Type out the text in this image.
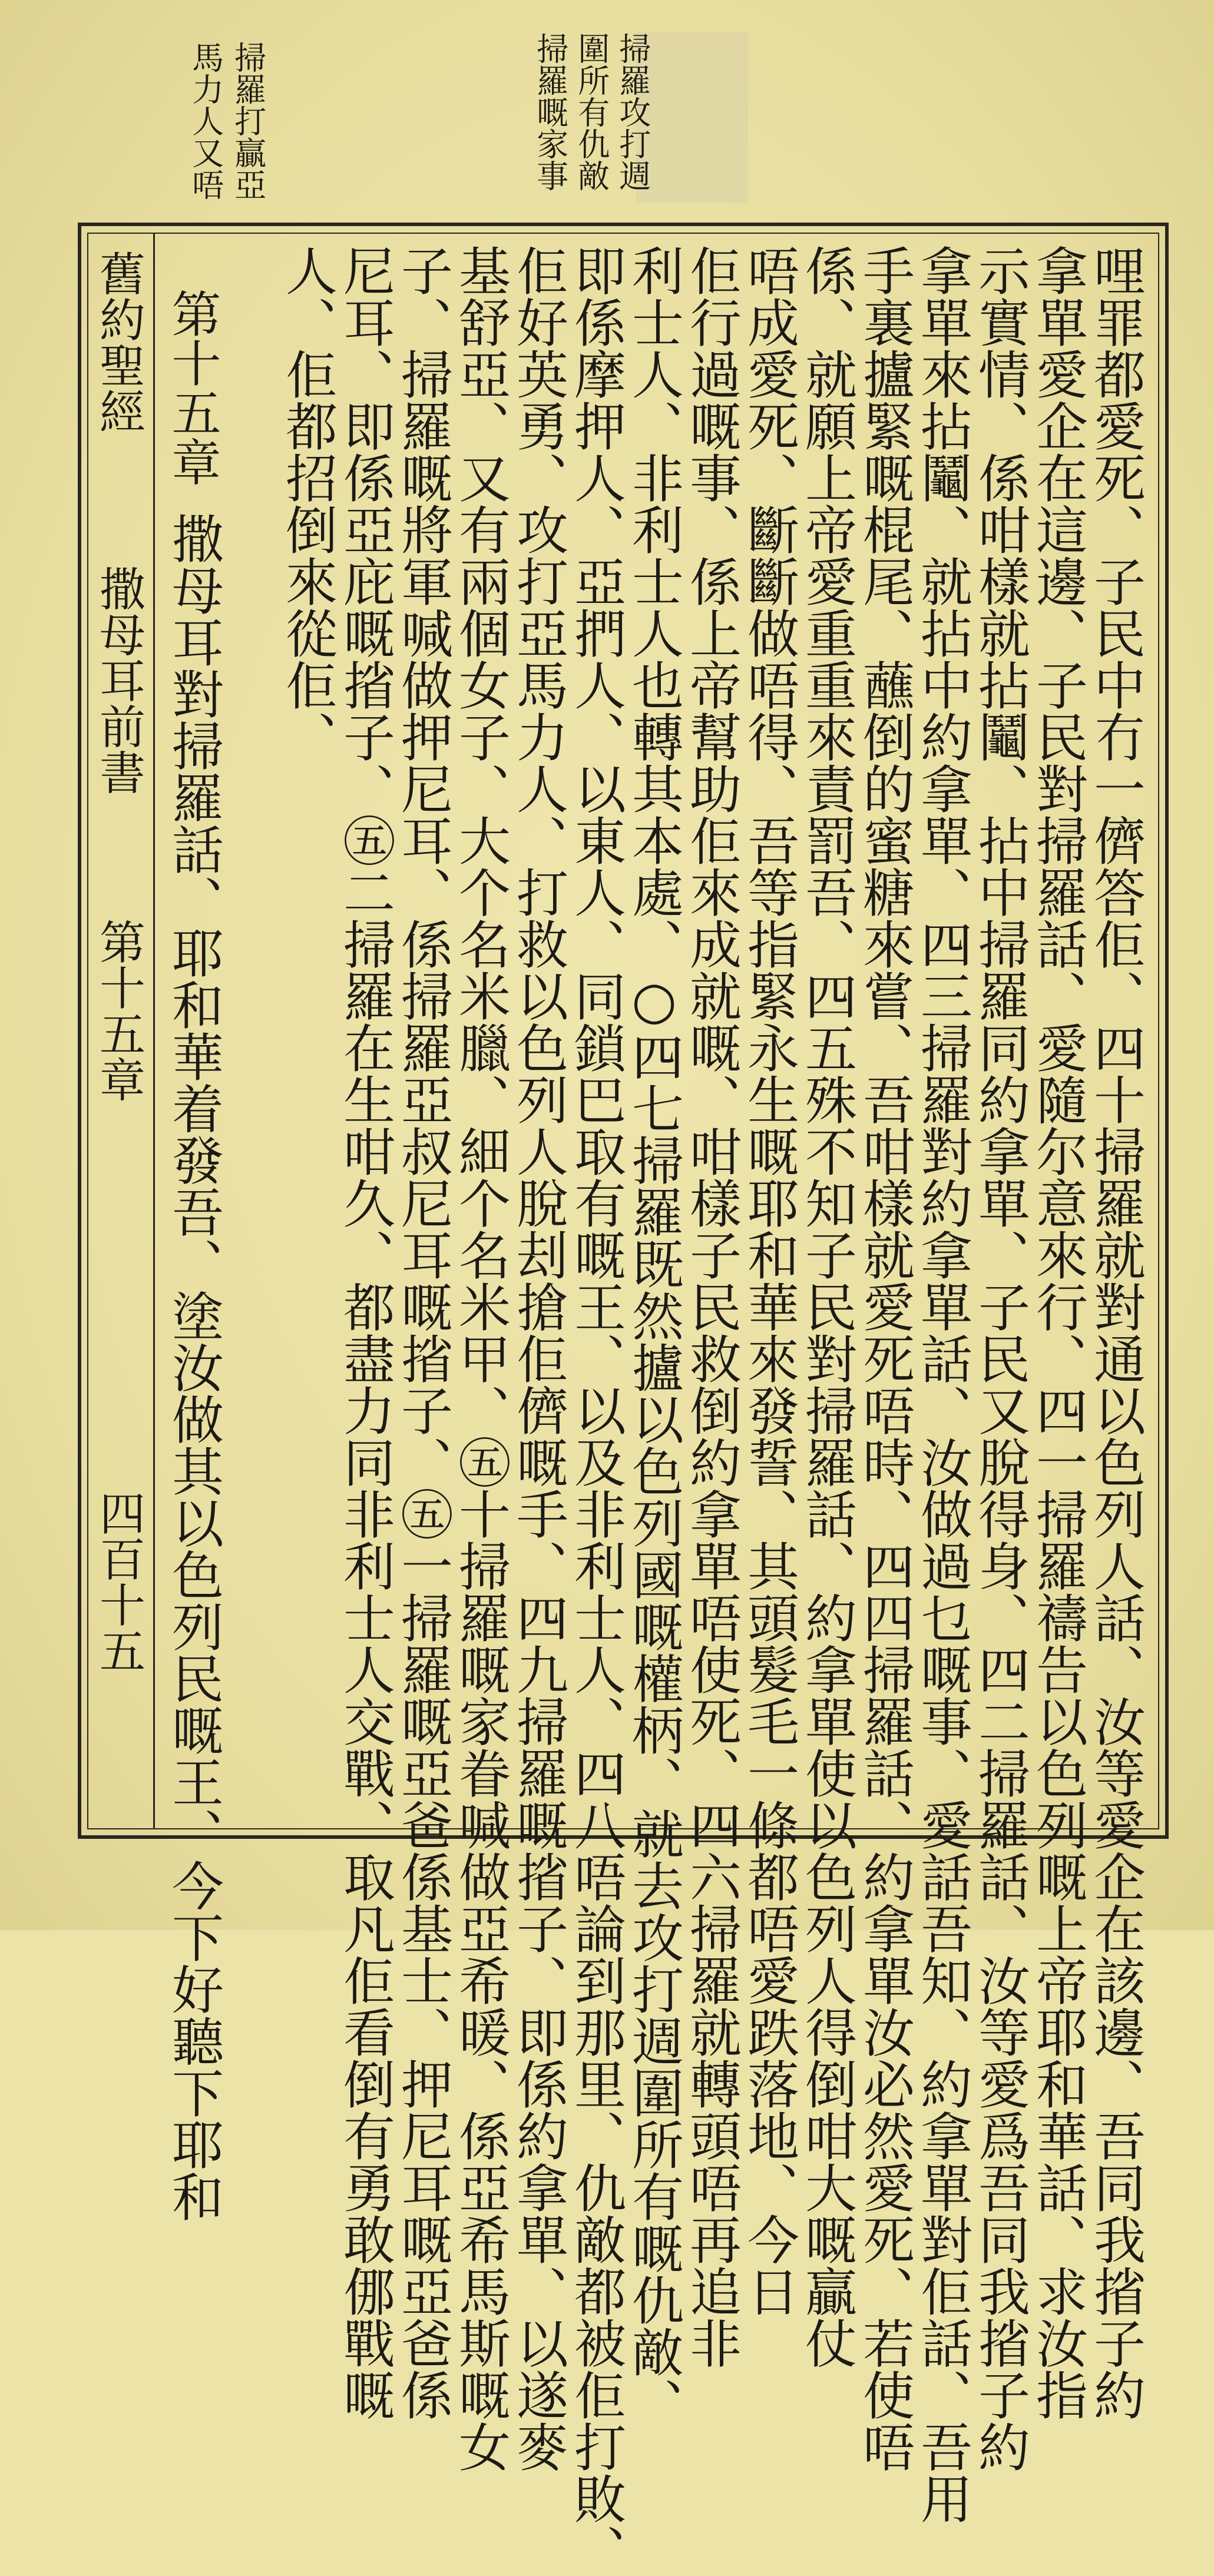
掃羅打贏亞
馬力人又唔	掃羅攻打週
圍所有仇敵
掃羅嘅家事
舊約聖經
撒母耳前書
第十五章
四百十五	哩罪都愛死、子民中冇一儕答佢、㆕十掃羅就對通以色列人話、汝等愛企在該邊、吾同我㨘子約
拿單愛企在這邊、子民對掃羅話、愛隨尔意來行、㆕一掃羅禱告以色列嘅上帝耶和華話、求汝指
示實情、係咁樣就拈鬮、拈中掃羅同約拿單、子民又脫得身、㆕二掃羅話、汝等愛爲吾同我㨘子約
拿單來拈鬮、就拈中約拿單、㆕三掃羅對約拿單話、汝做過乜嘅事、愛話吾知、約拿單對佢話、吾用
手裏攎緊嘅棍尾、蘸倒的蜜糖來嘗、吾咁樣就愛死唔時、㆕四掃羅話、約拿單汝必然愛死、若使唔
係、就願上帝愛重重來責罰吾、㆕五殊不知子民對掃羅話、約拿單使以色列人得倒咁大嘅贏仗
唔成愛死、斷斷做唔得、吾等指緊永生嘅耶和華來發誓、其頭髮毛一條都唔愛跌落地、今日
佢行過嘅事、係上帝幫助佢來成就嘅、咁樣子民救倒約拿單唔使死、㆕六掃羅就轉頭唔再追非
利士人、非利士人也轉其本處、○㆕七掃羅既然攎以色列國嘅權柄、就去攻打週圍所有嘅仇敵、
即係摩押人、亞捫人、以東人、同鎖巴取有嘅王、以及非利士人、㆕八唔論到那里、仇敵都被佢打敗、
佢好英勇、攻打亞馬力人、打救以色列人脫刦搶佢儕嘅手、㆕九掃羅嘅㨘子、即係約拿單、以遂麥
基舒亞、又有兩個女子、大个名米臘、細个名米甲、㊄十掃羅嘅家眷喊做亞希暖、係亞希馬斯嘅女
子、掃羅嘅將軍喊做押尼耳、係掃羅亞叔尼耳嘅㨘子、㊄一掃羅嘅亞爸係基士、押尼耳嘅亞爸係
尼耳、即係亞庇嘅㨘子、㊄二掃羅在生咁久、都盡力同非利士人交戰、取凡佢看倒有勇敢㑚戰嘅
人、佢都招倒來從佢、
第十五章
撒母耳對掃羅話、耶和華着發吾、塗汝做其以色列民嘅王、今下好聽下耶和
